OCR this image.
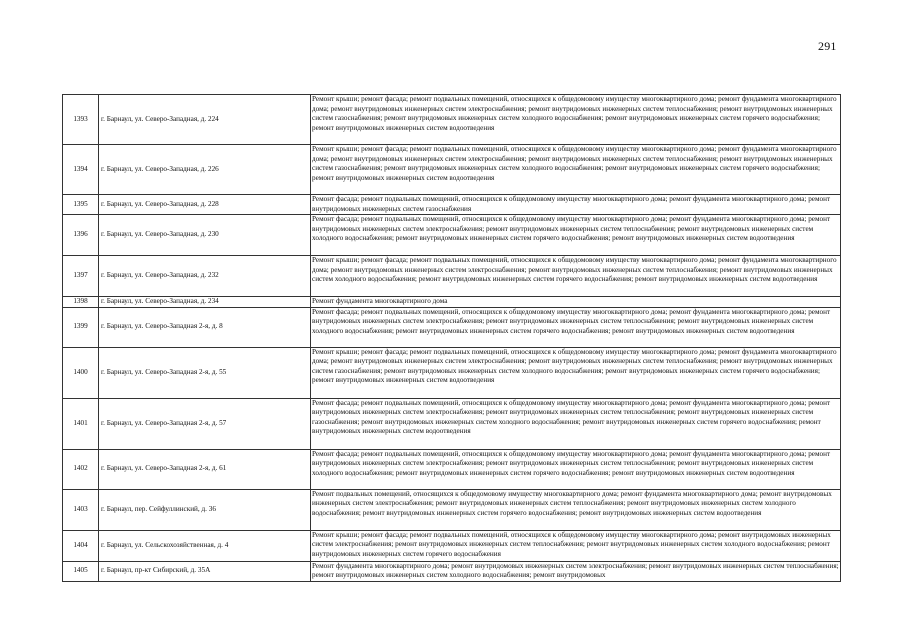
291
1393	г. Барнаул, ул. Северо-Западная, д. 224	Ремонт крыши; ремонт фасада; ремонт подвальных помещений, относящихся к общедомовому имуществу многоквартирного дома; ремонт фундамента многоквартирного дома; ремонт внутридомовых инженерных систем электроснабжения; ремонт внутридомовых инженерных систем теплоснабжения; ремонт внутридомовых инженерных систем газоснабжения; ремонт внутридомовых инженерных систем холодного водоснабжения; ремонт внутридомовых инженерных систем горячего водоснабжения; ремонт внутридомовых инженерных систем водоотведения

1394	г. Барнаул, ул. Северо-Западная, д. 226	Ремонт крыши; ремонт фасада; ремонт подвальных помещений, относящихся к общедомовому имуществу многоквартирного дома; ремонт фундамента многоквартирного дома; ремонт внутридомовых инженерных систем электроснабжения; ремонт внутридомовых инженерных систем теплоснабжения; ремонт внутридомовых инженерных систем газоснабжения; ремонт внутридомовых инженерных систем холодного водоснабжения; ремонт внутридомовых инженерных систем горячего водоснабжения; ремонт внутридомовых инженерных систем водоотведения

1395	г. Барнаул, ул. Северо-Западная, д. 228	Ремонт фасада; ремонт подвальных помещений, относящихся к общедомовому имуществу многоквартирного дома; ремонт фундамента многоквартирного дома; ремонт внутридомовых инженерных систем газоснабжения

1396	г. Барнаул, ул. Северо-Западная, д. 230	Ремонт фасада; ремонт подвальных помещений, относящихся к общедомовому имуществу многоквартирного дома; ремонт фундамента многоквартирного дома; ремонт внутридомовых инженерных систем электроснабжения; ремонт внутридомовых инженерных систем теплоснабжения; ремонт внутридомовых инженерных систем холодного водоснабжения; ремонт внутридомовых инженерных систем горячего водоснабжения; ремонт внутридомовых инженерных систем водоотведения

1397	г. Барнаул, ул. Северо-Западная, д. 232	Ремонт крыши; ремонт фасада; ремонт подвальных помещений, относящихся к общедомовому имуществу многоквартирного дома; ремонт фундамента многоквартирного дома; ремонт внутридомовых инженерных систем электроснабжения; ремонт внутридомовых инженерных систем теплоснабжения; ремонт внутридомовых инженерных систем холодного водоснабжения; ремонт внутридомовых инженерных систем горячего водоснабжения; ремонт внутридомовых инженерных систем водоотведения

1398	г. Барнаул, ул. Северо-Западная, д. 234	Ремонт фундамента многоквартирного дома

1399	г. Барнаул, ул. Северо-Западная 2-я, д. 8	Ремонт фасада; ремонт подвальных помещений, относящихся к общедомовому имуществу многоквартирного дома; ремонт фундамента многоквартирного дома; ремонт внутридомовых инженерных систем электроснабжения; ремонт внутридомовых инженерных систем теплоснабжения; ремонт внутридомовых инженерных систем холодного водоснабжения; ремонт внутридомовых инженерных систем горячего водоснабжения; ремонт внутридомовых инженерных систем водоотведения

1400	г. Барнаул, ул. Северо-Западная 2-я, д. 55	Ремонт крыши; ремонт фасада; ремонт подвальных помещений, относящихся к общедомовому имуществу многоквартирного дома; ремонт фундамента многоквартирного дома; ремонт внутридомовых инженерных систем электроснабжения; ремонт внутридомовых инженерных систем теплоснабжения; ремонт внутридомовых инженерных систем газоснабжения; ремонт внутридомовых инженерных систем холодного водоснабжения; ремонт внутридомовых инженерных систем горячего водоснабжения; ремонт внутридомовых инженерных систем водоотведения

1401	г. Барнаул, ул. Северо-Западная 2-я, д. 57	Ремонт фасада; ремонт подвальных помещений, относящихся к общедомовому имуществу многоквартирного дома; ремонт фундамента многоквартирного дома; ремонт внутридомовых инженерных систем электроснабжения; ремонт внутридомовых инженерных систем теплоснабжения; ремонт внутридомовых инженерных систем газоснабжения; ремонт внутридомовых инженерных систем холодного водоснабжения; ремонт внутридомовых инженерных систем горячего водоснабжения; ремонт внутридомовых инженерных систем водоотведения

1402	г. Барнаул, ул. Северо-Западная 2-я, д. 61	Ремонт фасада; ремонт подвальных помещений, относящихся к общедомовому имуществу многоквартирного дома; ремонт фундамента многоквартирного дома; ремонт внутридомовых инженерных систем электроснабжения; ремонт внутридомовых инженерных систем теплоснабжения; ремонт внутридомовых инженерных систем холодного водоснабжения; ремонт внутридомовых инженерных систем горячего водоснабжения; ремонт внутридомовых инженерных систем водоотведения

1403	г. Барнаул, пер. Сейфуллинский, д. 36	Ремонт подвальных помещений, относящихся к общедомовому имуществу многоквартирного дома; ремонт фундамента многоквартирного дома; ремонт внутридомовых инженерных систем электроснабжения; ремонт внутридомовых инженерных систем теплоснабжения; ремонт внутридомовых инженерных систем холодного водоснабжения; ремонт внутридомовых инженерных систем горячего водоснабжения; ремонт внутридомовых инженерных систем водоотведения

1404	г. Барнаул, ул. Сельскохозяйственная, д. 4	Ремонт крыши; ремонт фасада; ремонт подвальных помещений, относящихся к общедомовому имуществу многоквартирного дома; ремонт внутридомовых инженерных систем электроснабжения; ремонт внутридомовых инженерных систем теплоснабжения; ремонт внутридомовых инженерных систем холодного водоснабжения; ремонт внутридомовых инженерных систем горячего водоснабжения

1405	г. Барнаул, пр-кт Сибирский, д. 35А	Ремонт фундамента многоквартирного дома; ремонт внутридомовых инженерных систем электроснабжения; ремонт внутридомовых инженерных систем теплоснабжения; ремонт внутридомовых инженерных систем холодного водоснабжения; ремонт внутридомовых
